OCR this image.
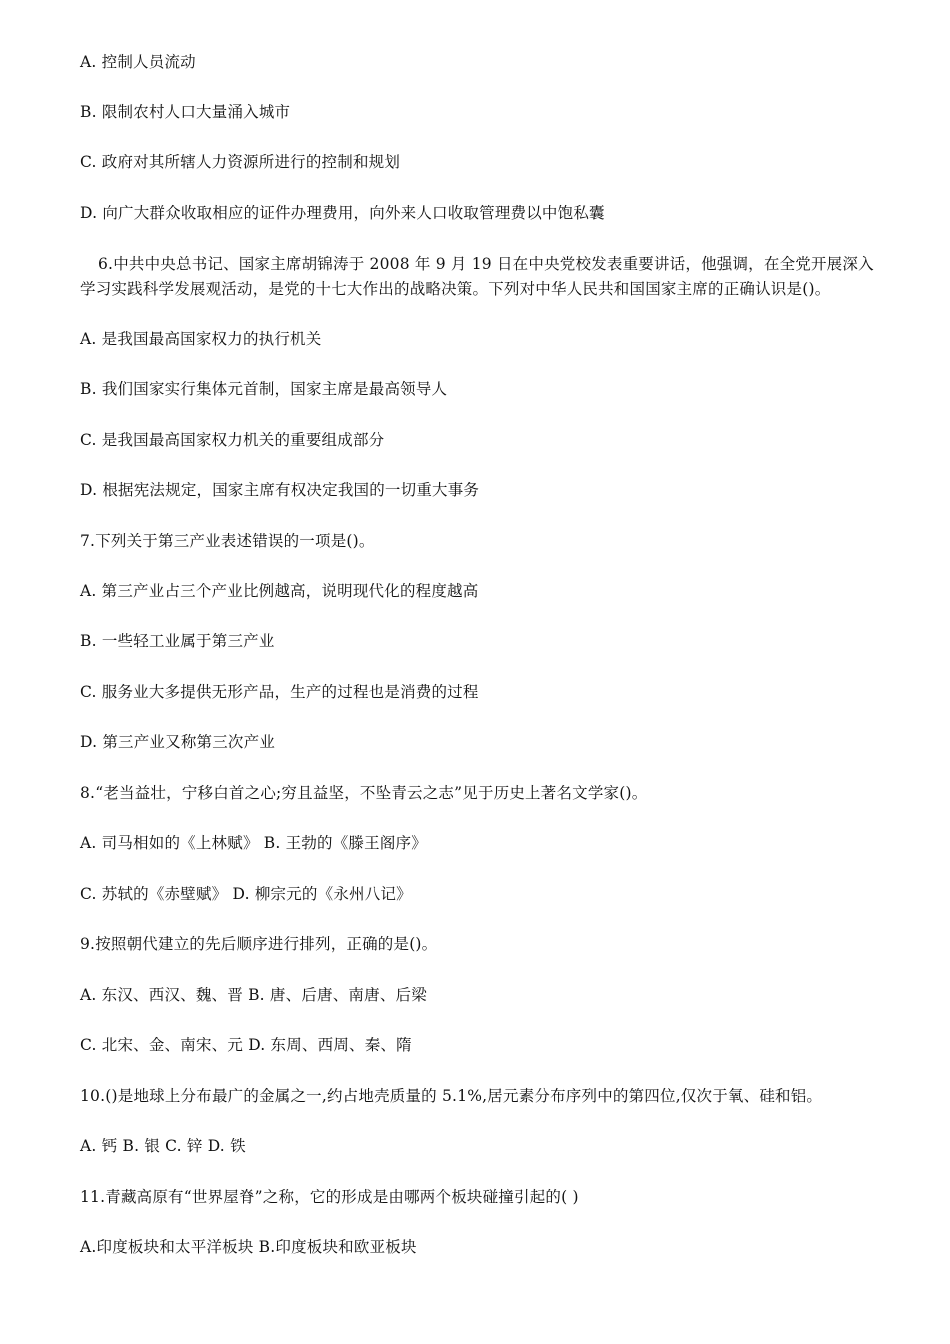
A. 控制人员流动
B. 限制农村人口大量涌入城市
C. 政府对其所辖人力资源所进行的控制和规划
D. 向广大群众收取相应的证件办理费用，向外来人口收取管理费以中饱私囊
6.中共中央总书记、国家主席胡锦涛于 2008 年 9 月 19 日在中央党校发表重要讲话，他强调，在全党开展深入
学习实践科学发展观活动，是党的十七大作出的战略决策。下列对中华人民共和国国家主席的正确认识是()。
A. 是我国最高国家权力的执行机关
B. 我们国家实行集体元首制，国家主席是最高领导人
C. 是我国最高国家权力机关的重要组成部分
D. 根据宪法规定，国家主席有权决定我国的一切重大事务
7.下列关于第三产业表述错误的一项是()。
A. 第三产业占三个产业比例越高，说明现代化的程度越高
B. 一些轻工业属于第三产业
C. 服务业大多提供无形产品，生产的过程也是消费的过程
D. 第三产业又称第三次产业
8.“老当益壮，宁移白首之心;穷且益坚，不坠青云之志”见于历史上著名文学家()。
A. 司马相如的《上林赋》 B. 王勃的《滕王阁序》
C. 苏轼的《赤壁赋》 D. 柳宗元的《永州八记》
9.按照朝代建立的先后顺序进行排列，正确的是()。
A. 东汉、西汉、魏、晋 B. 唐、后唐、南唐、后梁
C. 北宋、金、南宋、元 D. 东周、西周、秦、隋
10.()是地球上分布最广的金属之一,约占地壳质量的 5.1%,居元素分布序列中的第四位,仅次于氧、硅和铝。
A. 钙 B. 银 C. 锌 D. 铁
11.青藏高原有“世界屋脊”之称，它的形成是由哪两个板块碰撞引起的( )
A.印度板块和太平洋板块 B.印度板块和欧亚板块
